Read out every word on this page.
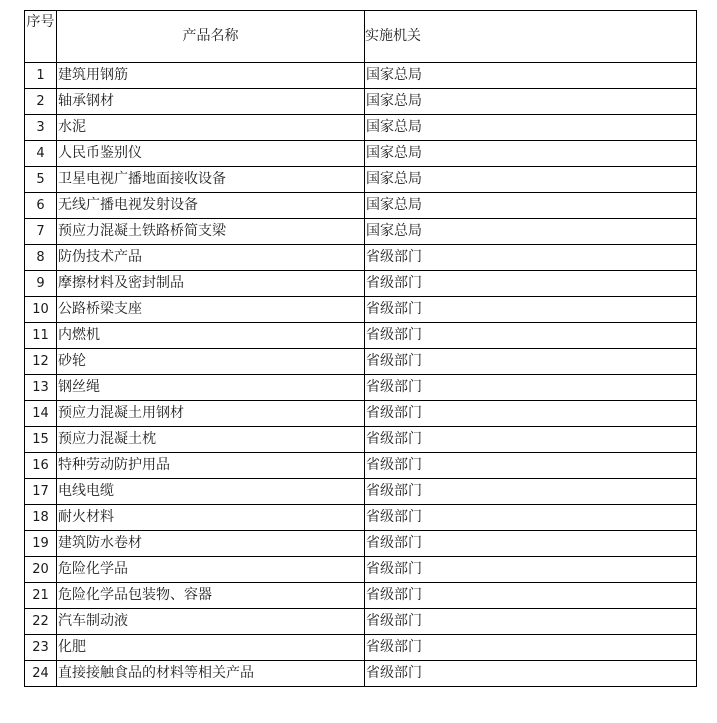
序号	产品名称	实施机关
1	建筑用钢筋	国家总局
2	轴承钢材	国家总局
3	水泥	国家总局
4	人民币鉴别仪	国家总局
5	卫星电视广播地面接收设备	国家总局
6	无线广播电视发射设备	国家总局
7	预应力混凝土铁路桥简支梁	国家总局
8	防伪技术产品	省级部门
9	摩擦材料及密封制品	省级部门
10	公路桥梁支座	省级部门
11	内燃机	省级部门
12	砂轮	省级部门
13	钢丝绳	省级部门
14	预应力混凝土用钢材	省级部门
15	预应力混凝土枕	省级部门
16	特种劳动防护用品	省级部门
17	电线电缆	省级部门
18	耐火材料	省级部门
19	建筑防水卷材	省级部门
20	危险化学品	省级部门
21	危险化学品包装物、容器	省级部门
22	汽车制动液	省级部门
23	化肥	省级部门
24	直接接触食品的材料等相关产品	省级部门
